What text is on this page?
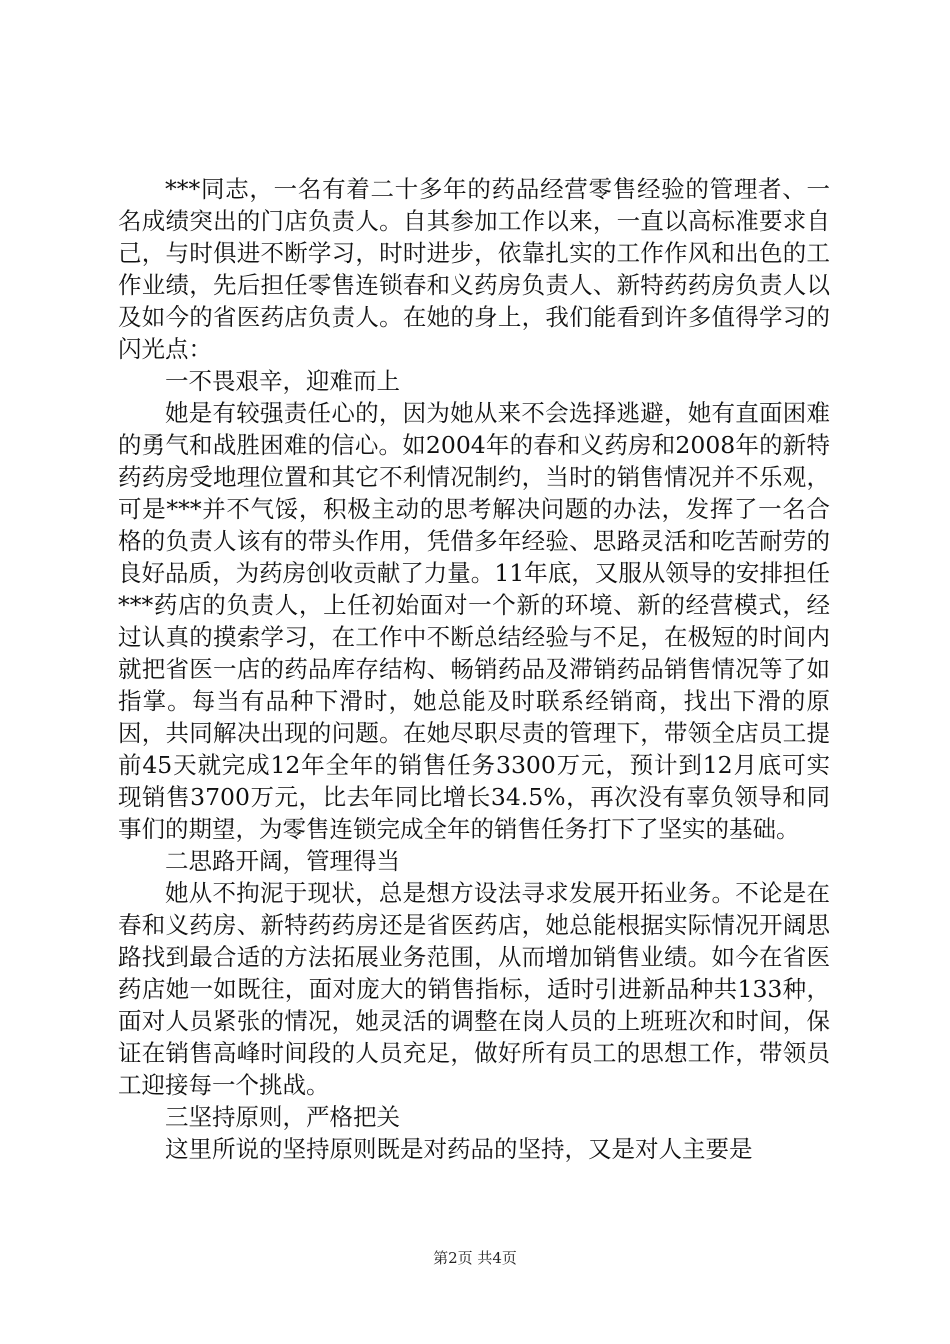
***同志，一名有着二十多年的药品经营零售经验的管理者、一名成绩突出的门店负责人。自其参加工作以来，一直以高标准要求自己，与时俱进不断学习，时时进步，依靠扎实的工作作风和出色的工作业绩，先后担任零售连锁春和义药房负责人、新特药药房负责人以及如今的省医药店负责人。在她的身上，我们能看到许多值得学习的闪光点：

一不畏艰辛，迎难而上

她是有较强责任心的，因为她从来不会选择逃避，她有直面困难的勇气和战胜困难的信心。如2004年的春和义药房和2008年的新特药药房受地理位置和其它不利情况制约，当时的销售情况并不乐观，可是***并不气馁，积极主动的思考解决问题的办法，发挥了一名合格的负责人该有的带头作用，凭借多年经验、思路灵活和吃苦耐劳的良好品质，为药房创收贡献了力量。11年底，又服从领导的安排担任***药店的负责人，上任初始面对一个新的环境、新的经营模式，经过认真的摸索学习，在工作中不断总结经验与不足，在极短的时间内就把省医一店的药品库存结构、畅销药品及滞销药品销售情况等了如指掌。每当有品种下滑时，她总能及时联系经销商，找出下滑的原因，共同解决出现的问题。在她尽职尽责的管理下，带领全店员工提前45天就完成12年全年的销售任务3300万元，预计到12月底可实现销售3700万元，比去年同比增长34.5%，再次没有辜负领导和同事们的期望，为零售连锁完成全年的销售任务打下了坚实的基础。

二思路开阔，管理得当

她从不拘泥于现状，总是想方设法寻求发展开拓业务。不论是在春和义药房、新特药药房还是省医药店，她总能根据实际情况开阔思路找到最合适的方法拓展业务范围，从而增加销售业绩。如今在省医药店她一如既往，面对庞大的销售指标，适时引进新品种共133种，面对人员紧张的情况，她灵活的调整在岗人员的上班班次和时间，保证在销售高峰时间段的人员充足，做好所有员工的思想工作，带领员工迎接每一个挑战。

三坚持原则，严格把关

这里所说的坚持原则既是对药品的坚持，又是对人主要是

第2页 共4页
